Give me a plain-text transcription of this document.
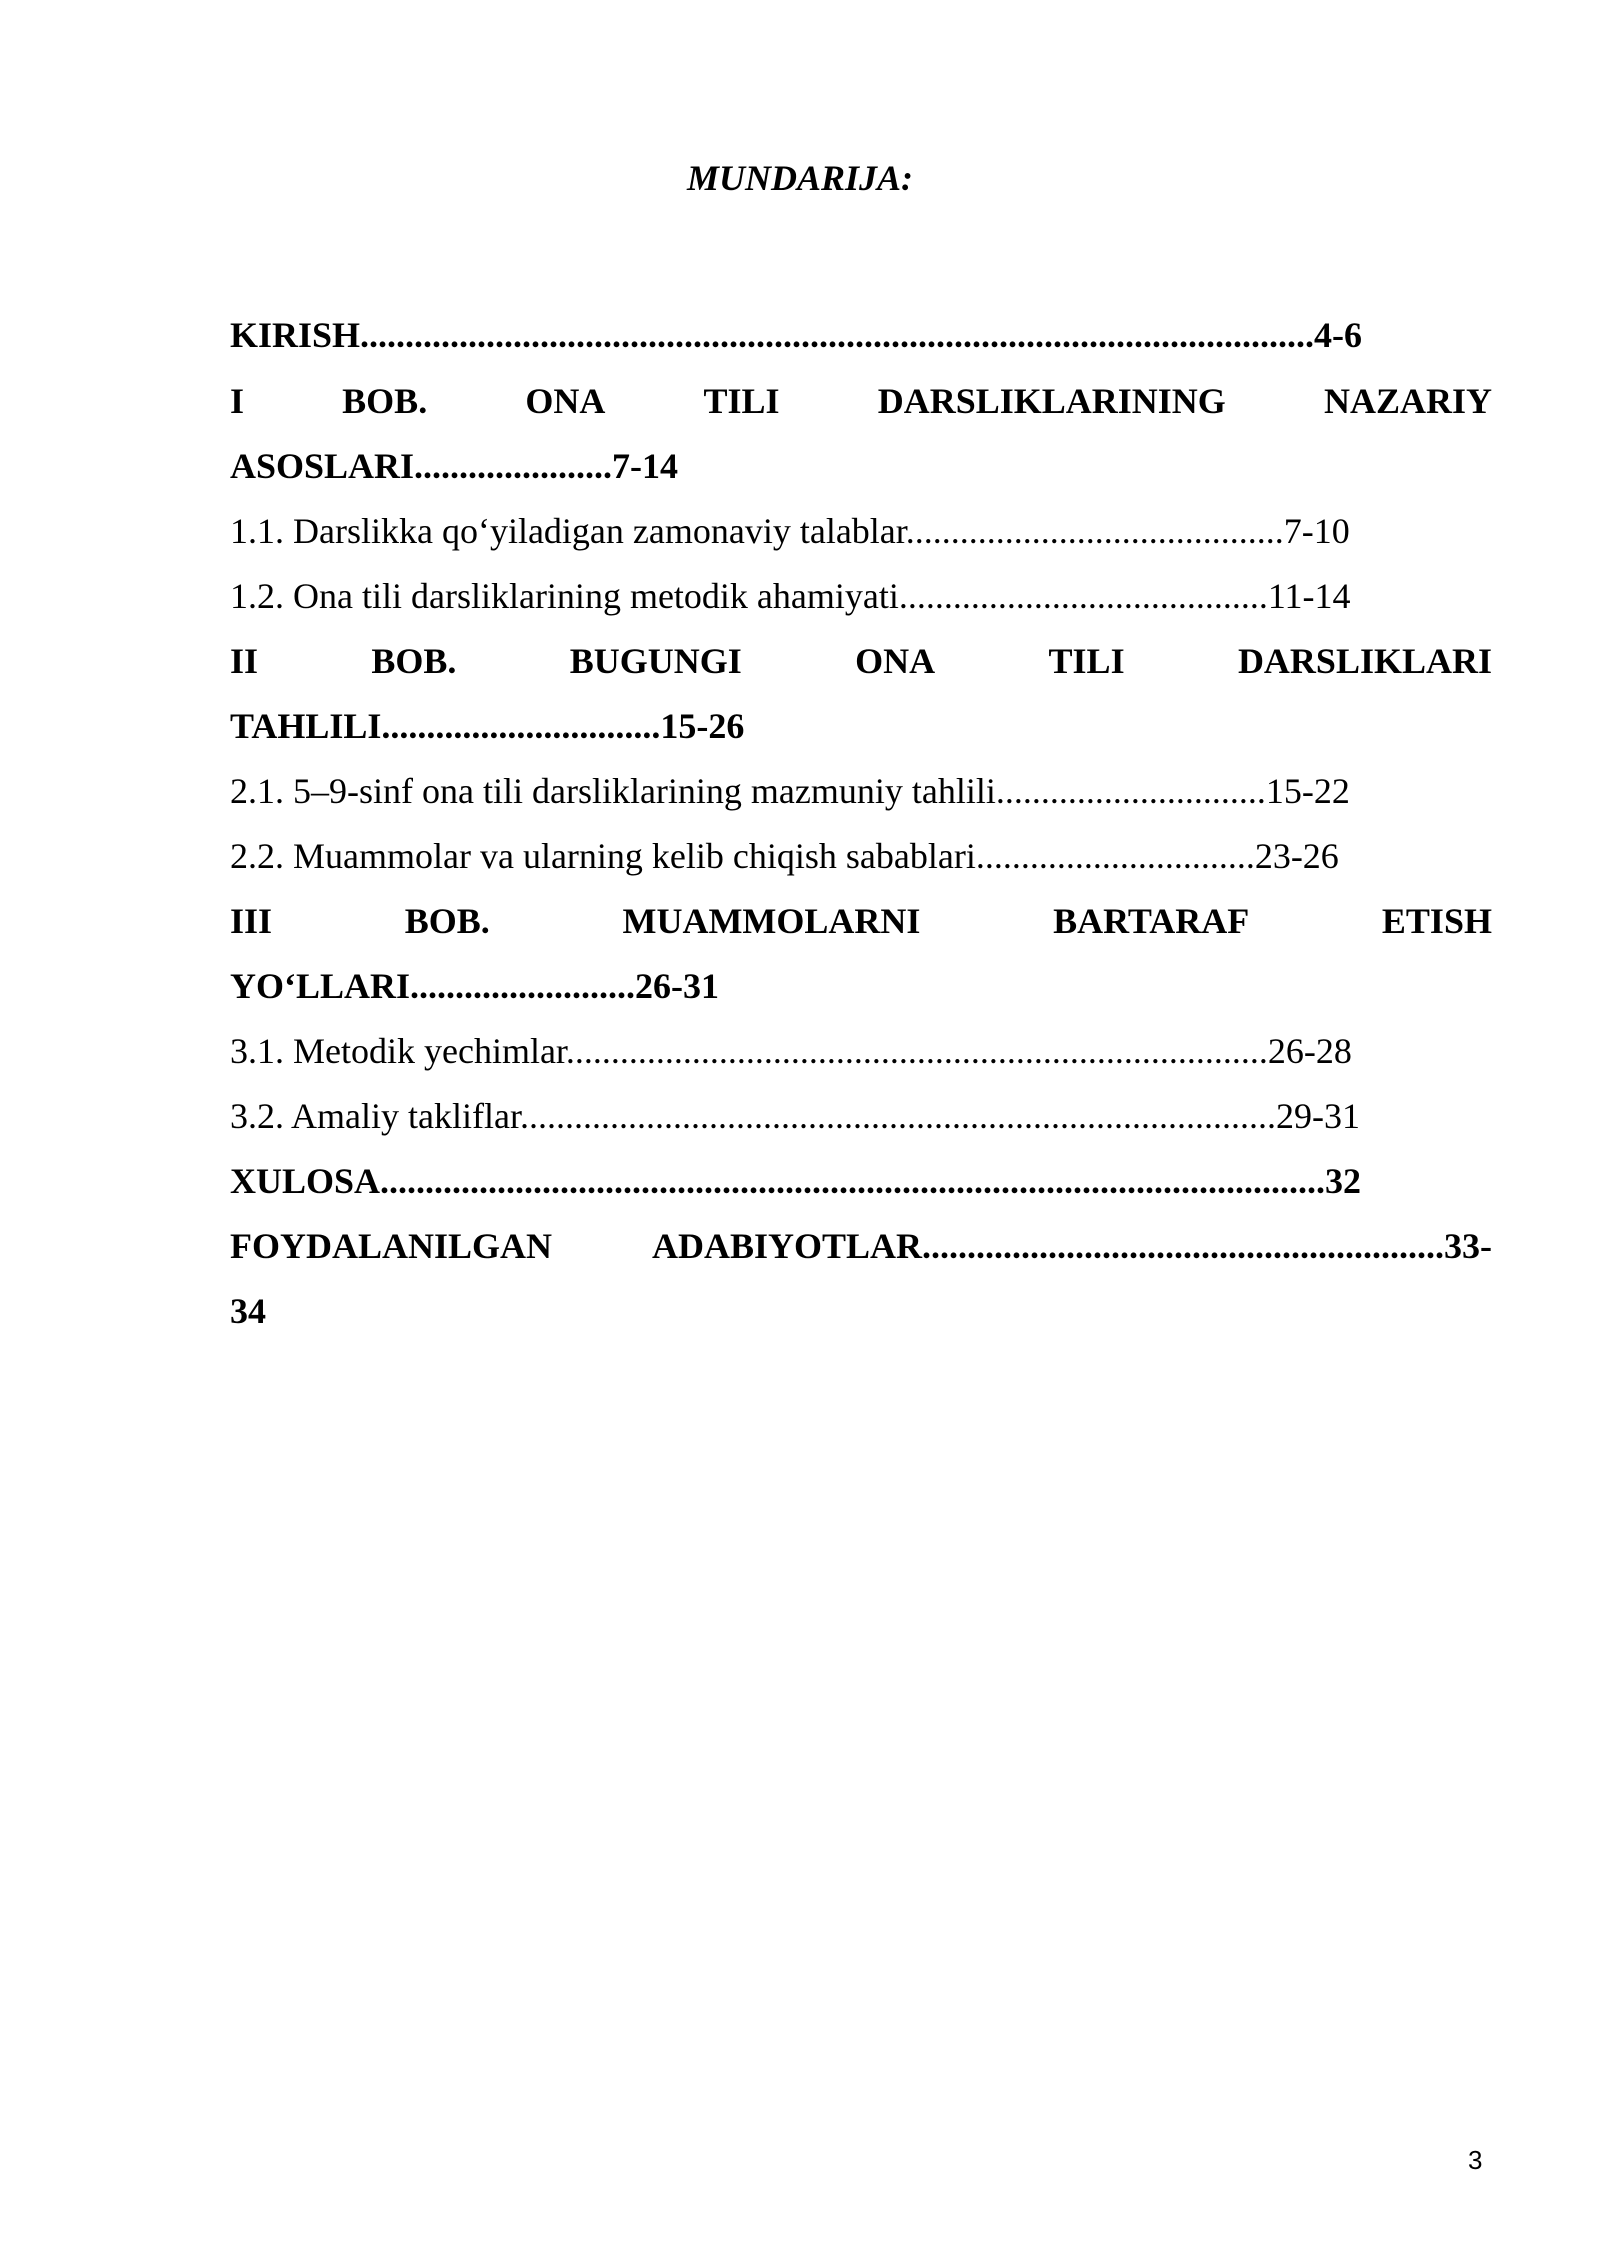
MUNDARIJA:
KIRISH..........................................................................................................4-6
I	BOB.	ONA	TILI	DARSLIKLARINING	NAZARIY
ASOSLARI......................7-14
1.1. Darslikka qo‘yiladigan zamonaviy talablar..........................................7-10
1.2. Ona tili darsliklarining metodik ahamiyati.........................................11-14
II	BOB.	BUGUNGI	ONA	TILI	DARSLIKLARI
TAHLILI...............................15-26
2.1. 5–9-sinf ona tili darsliklarining mazmuniy tahlili..............................15-22
2.2. Muammolar va ularning kelib chiqish sabablari...............................23-26
III	BOB.	MUAMMOLARNI	BARTARAF	ETISH
YO‘LLARI.........................26-31
3.1. Metodik yechimlar..............................................................................26-28
3.2. Amaliy takliflar....................................................................................29-31
XULOSA.........................................................................................................32
FOYDALANILGAN	ADABIYOTLAR..........................................................33-
34
3
